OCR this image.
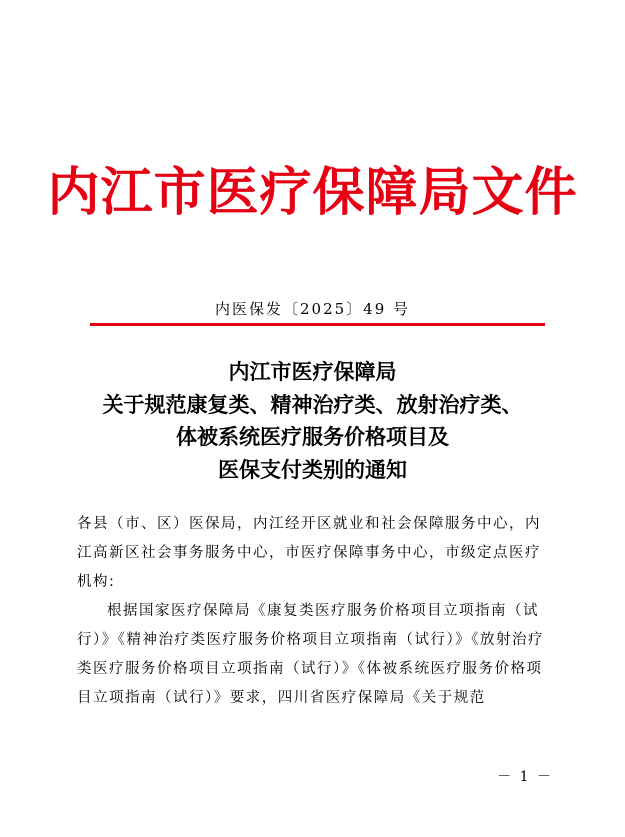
内江市医疗保障局文件
内医保发〔2025〕49 号
内江市医疗保障局
关于规范康复类、精神治疗类、放射治疗类、
体被系统医疗服务价格项目及
医保支付类别的通知

各县（市、区）医保局，内江经开区就业和社会保障服务中心，内江高新区社会事务服务中心，市医疗保障事务中心，市级定点医疗机构:

根据国家医疗保障局《康复类医疗服务价格项目立项指南（试行）》《精神治疗类医疗服务价格项目立项指南（试行）》《放射治疗类医疗服务价格项目立项指南（试行）》《体被系统医疗服务价格项目立项指南（试行）》要求，四川省医疗保障局《关于规范

－ 1 －
